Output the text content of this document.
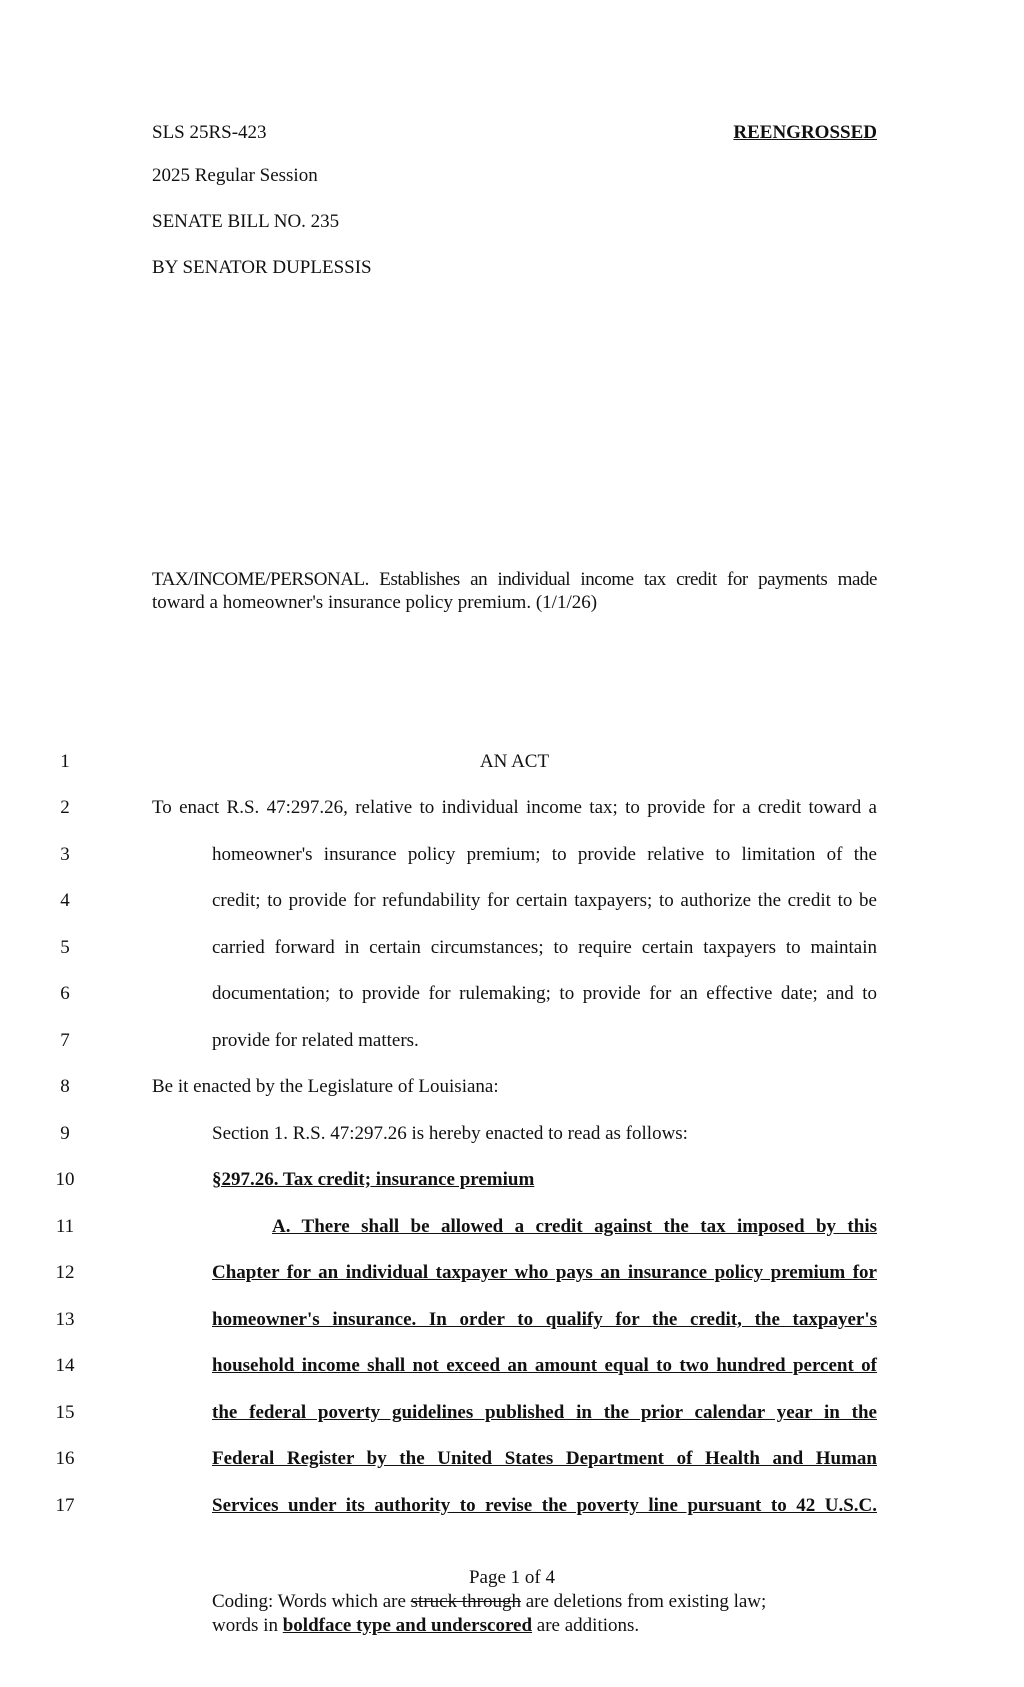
SLS 25RS-423	REENGROSSED
2025 Regular Session
SENATE BILL NO. 235
BY SENATOR DUPLESSIS
TAX/INCOME/PERSONAL. Establishes an individual income tax credit for payments made
toward a homeowner's insurance policy premium. (1/1/26)
1	AN ACT
2	To enact R.S. 47:297.26, relative to individual income tax; to provide for a credit toward a
3	homeowner's insurance policy premium; to provide relative to limitation of the
4	credit; to provide for refundability for certain taxpayers; to authorize the credit to be
5	carried forward in certain circumstances; to require certain taxpayers to maintain
6	documentation; to provide for rulemaking; to provide for an effective date; and to
7	provide for related matters.
8	Be it enacted by the Legislature of Louisiana:
9	Section 1. R.S. 47:297.26 is hereby enacted to read as follows:
10	§297.26. Tax credit; insurance premium
11	A. There shall be allowed a credit against the tax imposed by this
12	Chapter for an individual taxpayer who pays an insurance policy premium for
13	homeowner's insurance. In order to qualify for the credit, the taxpayer's
14	household income shall not exceed an amount equal to two hundred percent of
15	the federal poverty guidelines published in the prior calendar year in the
16	Federal Register by the United States Department of Health and Human
17	Services under its authority to revise the poverty line pursuant to 42 U.S.C.
Page 1 of 4
Coding: Words which are struck through are deletions from existing law;
words in boldface type and underscored are additions.
